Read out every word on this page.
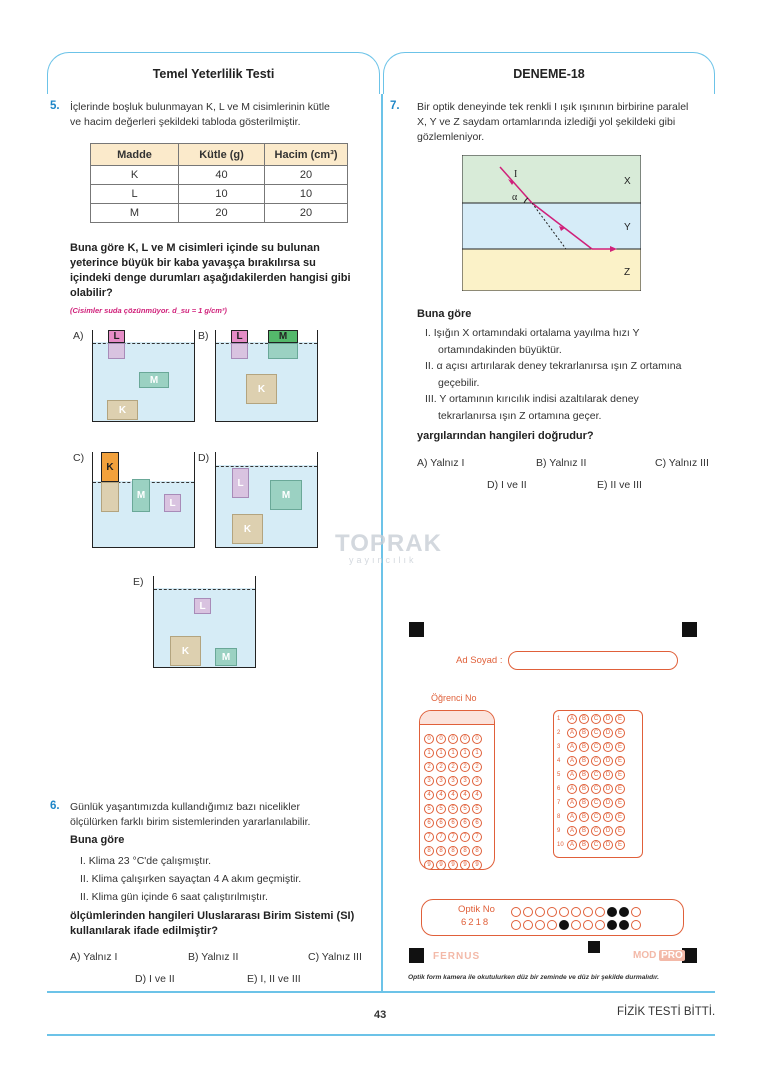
Temel Yeterlilik Testi	DENEME-18
5. İçlerinde boşluk bulunmayan K, L ve M cisimlerinin kütle
ve hacim değerleri şekildeki tabloda gösterilmiştir.
Madde	Kütle (g)	Hacim (cm³)
K	40	20
L	10	10
M	20	20
Buna göre K, L ve M cisimleri içinde su bulunan
yeterince büyük bir kaba yavaşça bırakılırsa su
içindeki denge durumları aşağıdakilerden hangisi gibi
olabilir?
(Cisimler suda çözünmüyor. d_su = 1 g/cm³)
A)	L
M
K
B)	L	M
K
C)
K
M
L
D)
L
M
K
E)
L
K
M
TOPRAK
yayıncılık
6. Günlük yaşantımızda kullandığımız bazı nicelikler
ölçülürken farklı birim sistemlerinden yararlanılabilir.
Buna göre
I. Klima 23 °C'de çalışmıştır.
II. Klima çalışırken sayaçtan 4 A akım geçmiştir.
II. Klima gün içinde 6 saat çalıştırılmıştır.
ölçümlerinden hangileri Uluslararası Birim Sistemi (SI)
kullanılarak ifade edilmiştir?
A) Yalnız I	B) Yalnız II	C) Yalnız III
D) I ve II	E) I, II ve III
7. Bir optik deneyinde tek renkli I ışık ışınının birbirine paralel
X, Y ve Z saydam ortamlarında izlediği yol şekildeki gibi
gözlemleniyor.
I
α
X
Y
Z
Buna göre
I. Işığın X ortamındaki ortalama yayılma hızı Y
ortamındakinden büyüktür.
II. α açısı artırılarak deney tekrarlanırsa ışın Z ortamına
geçebilir.
III. Y ortamının kırıcılık indisi azaltılarak deney
tekrarlanırsa ışın Z ortamına geçer.
yargılarından hangileri doğrudur?
A) Yalnız I	B) Yalnız II	C) Yalnız III
D) I ve II	E) II ve III
Ad Soyad :
Öğrenci No
0 0 0 0 0
1 1 1 1 1
2 2 2 2 2
3 3 3 3 3
4 4 4 4 4
5 5 5 5 5
6 6 6 6 6
7 7 7 7 7
8 8 8 8 8
9 9 9 9 9
1 A B C D E
2 A B C D E
3 A B C D E
4 A B C D E
5 A B C D E
6 A B C D E
7 A B C D E
8 A B C D E
9 A B C D E
10 A B C D E
Optik No
6218
FERNUS	MOD PRO
Optik form kamera ile okutulurken düz bir zeminde ve düz bir şekilde durmalıdır.
43	FİZİK TESTİ BİTTİ.
